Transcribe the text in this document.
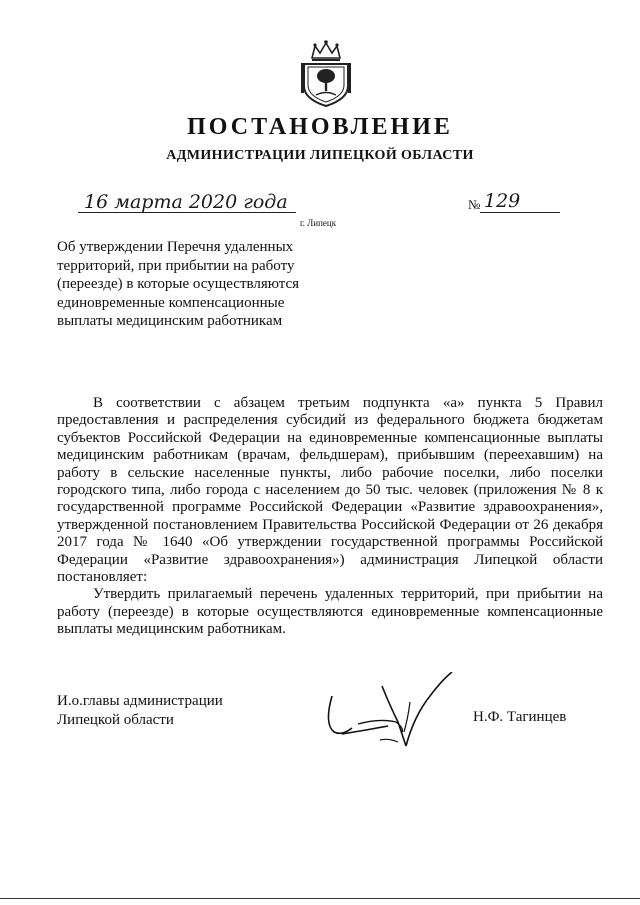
ПОСТАНОВЛЕНИЕ
АДМИНИСТРАЦИИ ЛИПЕЦКОЙ ОБЛАСТИ
16 марта 2020 года
г. Липецк
№ 129
Об утверждении Перечня удаленных территорий, при прибытии на работу (переезде) в которые осуществляются единовременные компенсационные выплаты медицинским работникам

В соответствии с абзацем третьим подпункта «а» пункта 5 Правил предоставления и распределения субсидий из федерального бюджета бюджетам субъектов Российской Федерации на единовременные компенсационные выплаты медицинским работникам (врачам, фельдшерам), прибывшим (переехавшим) на работу в сельские населенные пункты, либо рабочие поселки, либо поселки городского типа, либо города с населением до 50 тыс. человек (приложения № 8 к государственной программе Российской Федерации «Развитие здравоохранения», утвержденной постановлением Правительства Российской Федерации от 26 декабря 2017 года № 1640 «Об утверждении государственной программы Российской Федерации «Развитие здравоохранения») администрация Липецкой области постановляет:

Утвердить прилагаемый перечень удаленных территорий, при прибытии на работу (переезде) в которые осуществляются единовременные компенсационные выплаты медицинским работникам.

И.о.главы администрации
Липецкой области	Н.Ф. Тагинцев
